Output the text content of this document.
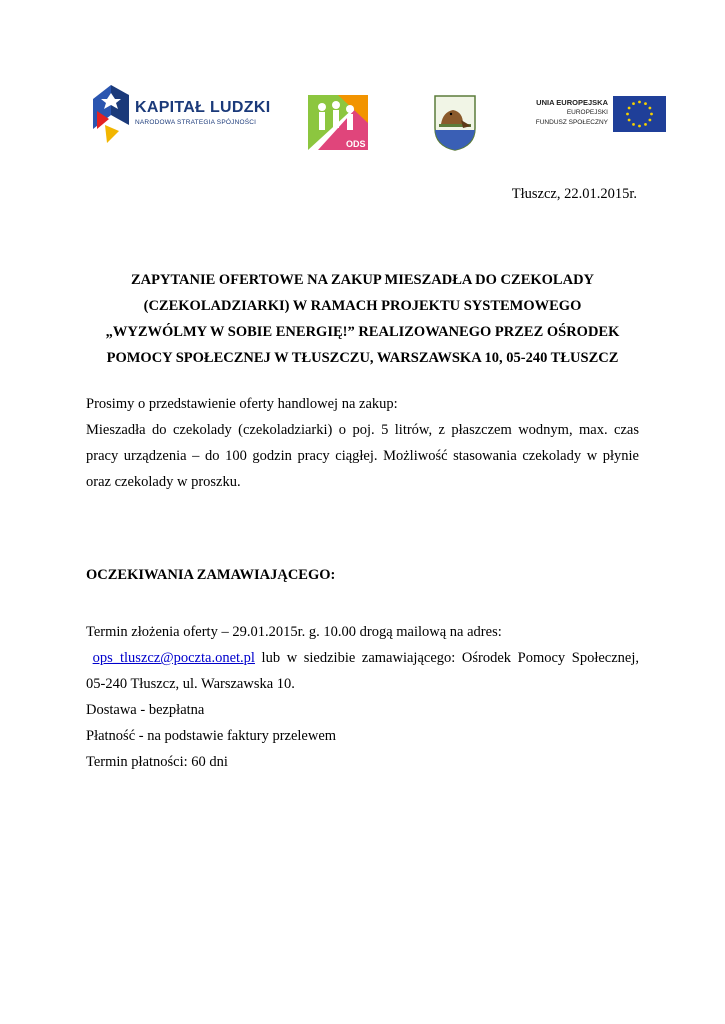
KAPITAŁ LUDZKI
NARODOWA STRATEGIA SPÓJNOŚCI
ODS
UNIA EUROPEJSKA
EUROPEJSKI
FUNDUSZ SPOŁECZNY
Tłuszcz, 22.01.2015r.
ZAPYTANIE OFERTOWE NA ZAKUP MIESZADŁA DO CZEKOLADY
(CZEKOLADZIARKI) W RAMACH PROJEKTU SYSTEMOWEGO
„WYZWÓLMY W SOBIE ENERGIĘ!” REALIZOWANEGO PRZEZ OŚRODEK
POMOCY SPOŁECZNEJ W TŁUSZCZU, WARSZAWSKA 10, 05-240 TŁUSZCZ
Prosimy o przedstawienie oferty handlowej na zakup:
Mieszadła do czekolady (czekoladziarki) o poj. 5 litrów, z płaszczem wodnym, max. czas
pracy urządzenia – do 100 godzin pracy ciągłej. Możliwość stasowania czekolady w płynie
oraz czekolady w proszku.
OCZEKIWANIA ZAMAWIAJĄCEGO:
Termin złożenia oferty – 29.01.2015r. g. 10.00 drogą mailową na adres:
ops_tluszcz@poczta.onet.pl lub w siedzibie zamawiającego: Ośrodek Pomocy Społecznej,
05-240 Tłuszcz, ul. Warszawska 10.
Dostawa - bezpłatna
Płatność - na podstawie faktury przelewem
Termin płatności: 60 dni
